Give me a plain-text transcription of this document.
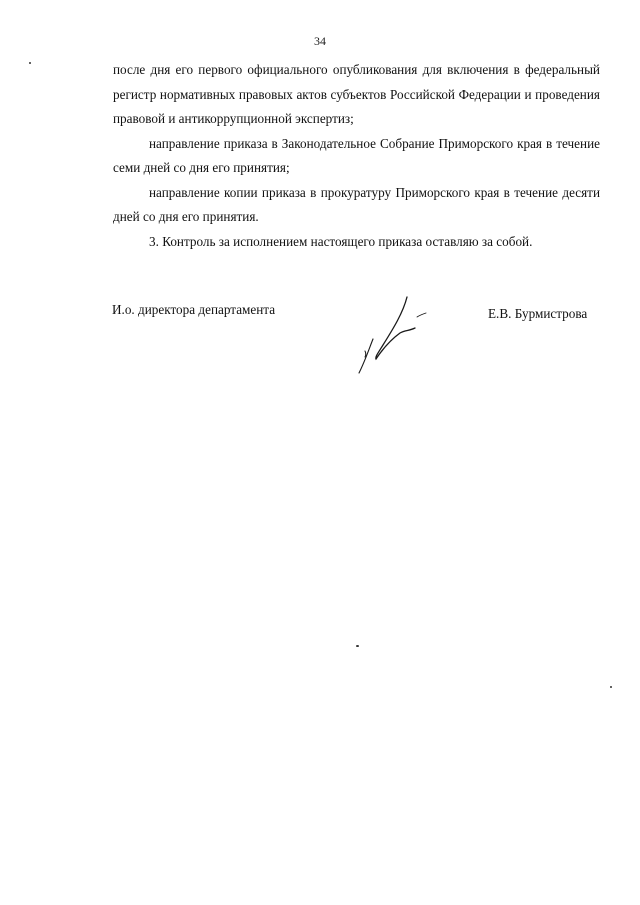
34

после дня его первого официального опубликования для включения в федеральный регистр нормативных правовых актов субъектов Российской Федерации и проведения правовой и антикоррупционной экспертиз;

направление приказа в Законодательное Собрание Приморского края в течение семи дней со дня его принятия;

направление копии приказа в прокуратуру Приморского края в течение десяти дней со дня его принятия.

3. Контроль за исполнением настоящего приказа оставляю за собой.

И.о. директора департамента	Е.В. Бурмистрова
